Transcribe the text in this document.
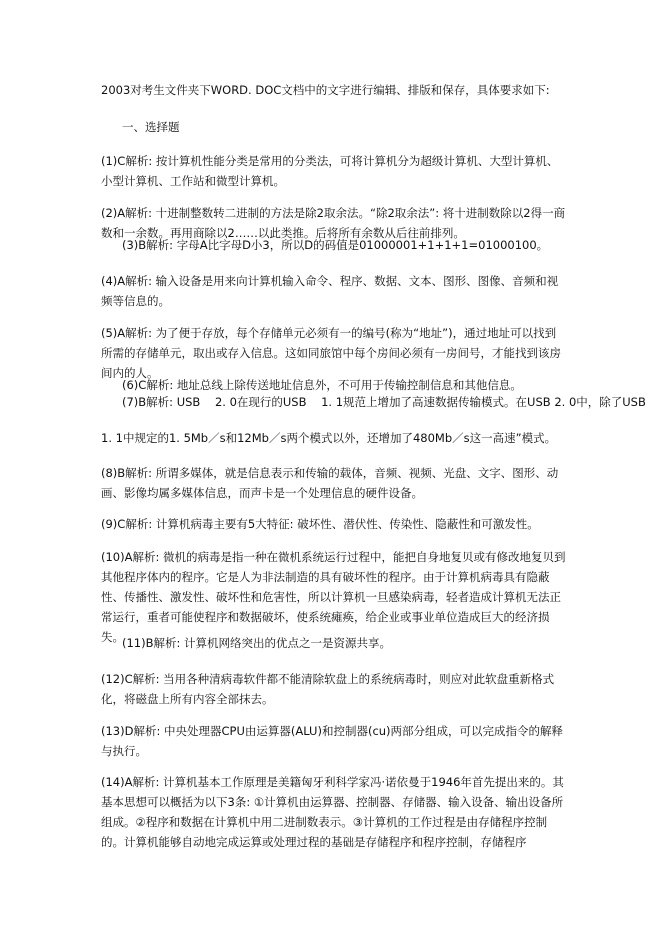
2003对考生文件夹下WORD. DOC文档中的文字进行编辑、排版和保存，具体要求如下:

一、选择题

(1)C解析: 按计算机性能分类是常用的分类法，可将计算机分为超级计算机、大型计算机、小型计算机、工作站和微型计算机。

(2)A解析: 十进制整数转二进制的方法是除2取余法。“除2取余法”: 将十进制数除以2得一商数和一余数。再用商除以2……以此类推。后将所有余数从后往前排列。

(3)B解析: 字母A比字母D小3，所以D的码值是01000001+1+1+1=01000100。

(4)A解析: 输入设备是用来向计算机输入命令、程序、数据、文本、图形、图像、音频和视频等信息的。

(5)A解析: 为了便于存放，每个存储单元必须有一的编号(称为“地址”)，通过地址可以找到所需的存储单元，取出或存入信息。这如同旅馆中每个房间必须有一房间号，才能找到该房间内的人。

(6)C解析: 地址总线上除传送地址信息外，不可用于传输控制信息和其他信息。

(7)B解析: USB    2. 0在现行的USB    1. 1规范上增加了高速数据传输模式。在USB 2. 0中，除了USB

1. 1中规定的1. 5Mb／s和12Mb／s两个模式以外，还增加了480Mb／s这一高速”模式。

(8)B解析: 所谓多媒体，就是信息表示和传输的载体，音频、视频、光盘、文字、图形、动画、影像均属多媒体信息，而声卡是一个处理信息的硬件设备。

(9)C解析: 计算机病毒主要有5大特征: 破坏性、潜伏性、传染性、隐蔽性和可激发性。

(10)A解析: 微机的病毒是指一种在微机系统运行过程中，能把自身地复贝或有修改地复贝到其他程序体内的程序。它是人为非法制造的具有破坏性的程序。由于计算机病毒具有隐蔽性、传播性、激发性、破坏性和危害性，所以计算机一旦感染病毒，轻者造成计算机无法正常运行，重者可能使程序和数据破坏，使系统瘫痪，给企业或事业单位造成巨大的经济损失。

(11)B解析: 计算机网络突出的优点之一是资源共享。

(12)C解析: 当用各种清病毒软件都不能清除软盘上的系统病毒时，则应对此软盘重新格式化，将磁盘上所有内容全部抹去。

(13)D解析: 中央处理器CPU由运算器(ALU)和控制器(cu)两部分组成，可以完成指令的解释与执行。

(14)A解析: 计算机基本工作原理是美籍匈牙利科学家冯·诺依曼于1946年首先提出来的。其基本思想可以概括为以下3条: ①计算机由运算器、控制器、存储器、输入设备、输出设备所组成。②程序和数据在计算机中用二进制数表示。③计算机的工作过程是由存储程序控制的。计算机能够自动地完成运算或处理过程的基础是存储程序和程序控制，存储程序
